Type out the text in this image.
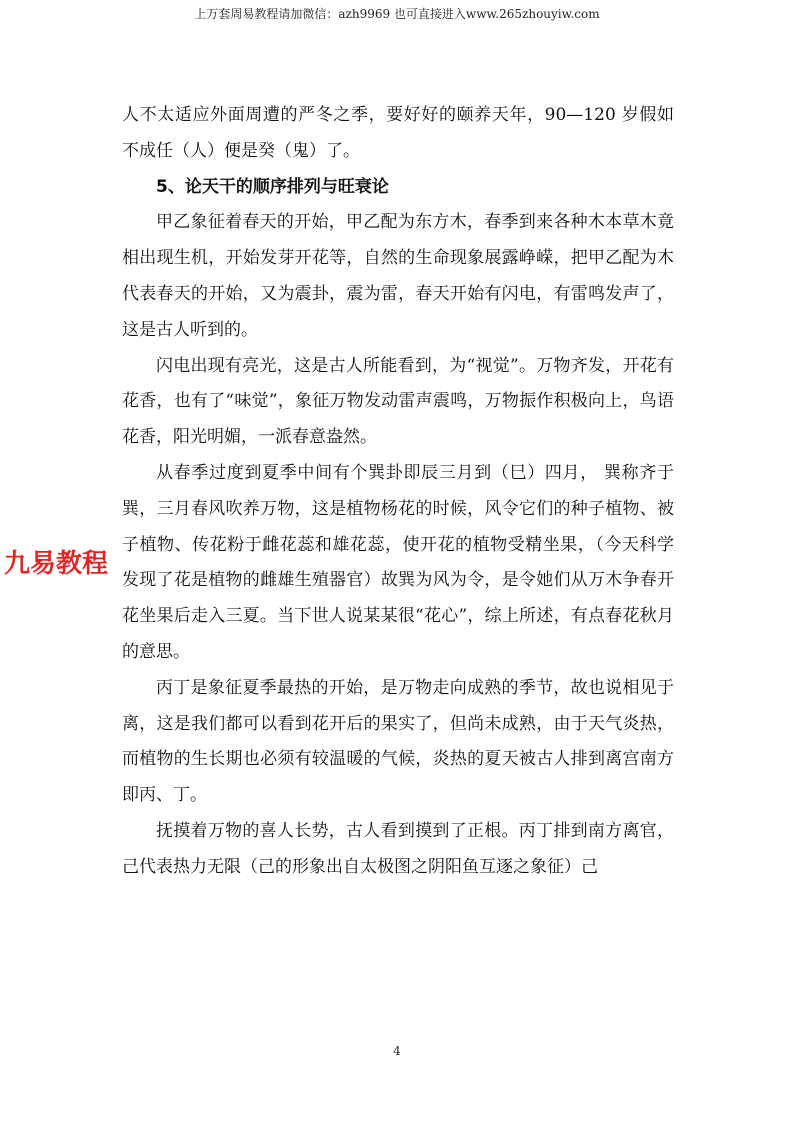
上万套周易教程请加微信：azh9969 也可直接进入www.265zhouyiw.com

人不太适应外面周遭的严冬之季，要好好的颐养天年，90—120 岁假如不成任（人）便是癸（鬼）了。

5、论天干的顺序排列与旺衰论

甲乙象征着春天的开始，甲乙配为东方木，春季到来各种木本草木竟相出现生机，开始发芽开花等，自然的生命现象展露峥嵘，把甲乙配为木代表春天的开始，又为震卦，震为雷，春天开始有闪电，有雷鸣发声了，这是古人听到的。

闪电出现有亮光，这是古人所能看到，为“视觉”。万物齐发，开花有花香，也有了“味觉”，象征万物发动雷声震鸣，万物振作积极向上，鸟语花香，阳光明媚，一派春意盎然。

从春季过度到夏季中间有个巽卦即辰三月到（巳）四月， 巽称齐于巽，三月春风吹养万物，这是植物杨花的时候，风令它们的种子植物、被子植物、传花粉于雌花蕊和雄花蕊，使开花的植物受精坐果，（今天科学发现了花是植物的雌雄生殖器官）故巽为风为令，是令她们从万木争春开花坐果后走入三夏。当下世人说某某很“花心”，综上所述，有点春花秋月的意思。

丙丁是象征夏季最热的开始，是万物走向成熟的季节，故也说相见于离，这是我们都可以看到花开后的果实了，但尚未成熟，由于天气炎热，而植物的生长期也必须有较温暖的气候，炎热的夏天被古人排到离宫南方即丙、丁。

抚摸着万物的喜人长势，古人看到摸到了正根。丙丁排到南方离官，己代表热力无限（己的形象出自太极图之阴阳鱼互逐之象征）己

九易教程
4
